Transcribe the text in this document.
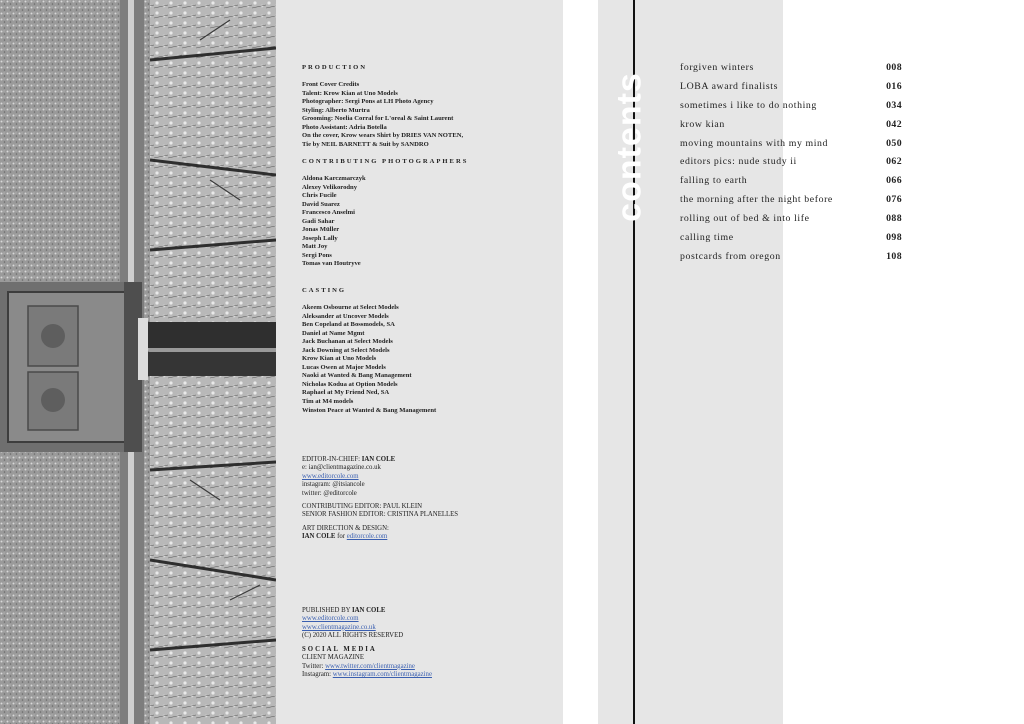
PRODUCTION
Front Cover Credits
Talent: Krow Kian at Uno Models
Photographer: Sergi Pons at LH Photo Agency
Styling: Alberto Murtra
Grooming: Noelia Corral for L'oreal & Saint Laurent
Photo Assistant: Adria Botella
On the cover, Krow wears Shirt by DRIES VAN NOTEN,
Tie by NEIL BARNETT & Suit by SANDRO
CONTRIBUTING PHOTOGRAPHERS
Aldona Karczmarczyk
Alexey Velikorodny
Chris Fucile
David Suarez
Francesco Anselmi
Gadi Sahar
Jonas Müller
Joseph Lally
Matt Joy
Sergi Pons
Tomas van Houtryve
CASTING
Akeem Osbourne at Select Models
Aleksander at Uncover Models
Ben Copeland at Bossmodels, SA
Daniel at Name Mgmt
Jack Buchanan at Select Models
Jack Downing at Select Models
Krow Kian at Uno Models
Lucas Owen at Major Models
Naoki at Wanted & Bang Management
Nicholas Kodua at Option Models
Raphael at My Friend Ned, SA
Tim at M4 models
Winston Peace at Wanted & Bang Management
EDITOR-IN-CHIEF: IAN COLE
e: ian@clientmagazine.co.uk
www.editorcole.com
instagram: @itsiancole
twitter: @editorcole
CONTRIBUTING EDITOR: PAUL KLEIN
SENIOR FASHION EDITOR: CRISTINA PLANELLES
ART DIRECTION & DESIGN:
IAN COLE for editorcole.com
PUBLISHED BY IAN COLE
www.editorcole.com
www.clientmagazine.co.uk
(C) 2020 ALL RIGHTS RESERVED
SOCIAL MEDIA
CLIENT MAGAZINE
Twitter: www.twitter.com/clientmagazine
Instagram: www.instagram.com/clientmagazine
contents
forgiven winters	008
LOBA award finalists	016
sometimes i like to do nothing	034
krow kian	042
moving mountains with my mind	050
editors pics: nude study ii	062
falling to earth	066
the morning after the night before	076
rolling out of bed & into life	088
calling time	098
postcards from oregon	108
